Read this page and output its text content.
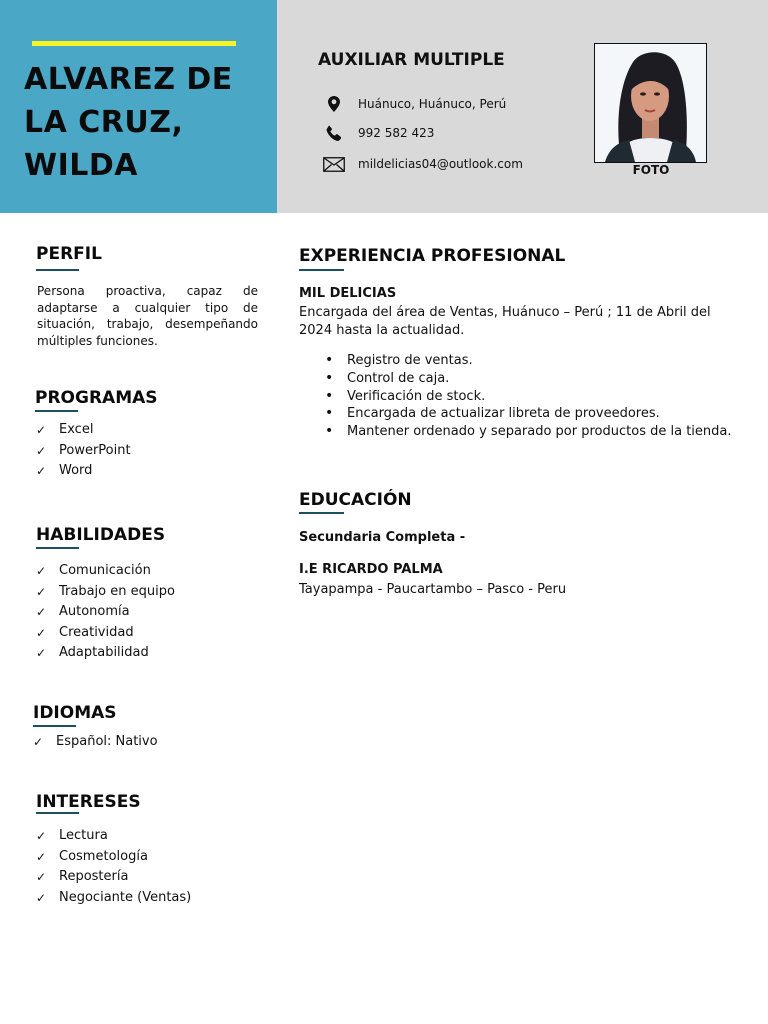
ALVAREZ DE LA CRUZ, WILDA
AUXILIAR MULTIPLE
Huánuco, Huánuco, Perú
992 582 423
mildelicias04@outlook.com	FOTO
PERFIL

Persona proactiva, capaz de adaptarse a cualquier tipo de situación, trabajo, desempeñando múltiples funciones.

PROGRAMAS
✓ Excel
✓ PowerPoint
✓ Word
HABILIDADES
✓ Comunicación
✓ Trabajo en equipo
✓ Autonomía
✓ Creatividad
✓ Adaptabilidad
IDIOMAS
✓ Español: Nativo
INTERESES
✓ Lectura
✓ Cosmetología
✓ Repostería
✓ Negociante (Ventas)
EXPERIENCIA PROFESIONAL

MIL DELICIAS

Encargada del área de Ventas, Huánuco – Perú ; 11 de Abril del 2024 hasta la actualidad.

• Registro de ventas.
• Control de caja.
• Verificación de stock.
• Encargada de actualizar libreta de proveedores.
• Mantener ordenado y separado por productos de la tienda.
EDUCACIÓN

Secundaria Completa -

I.E RICARDO PALMA

Tayapampa - Paucartambo – Pasco - Peru
